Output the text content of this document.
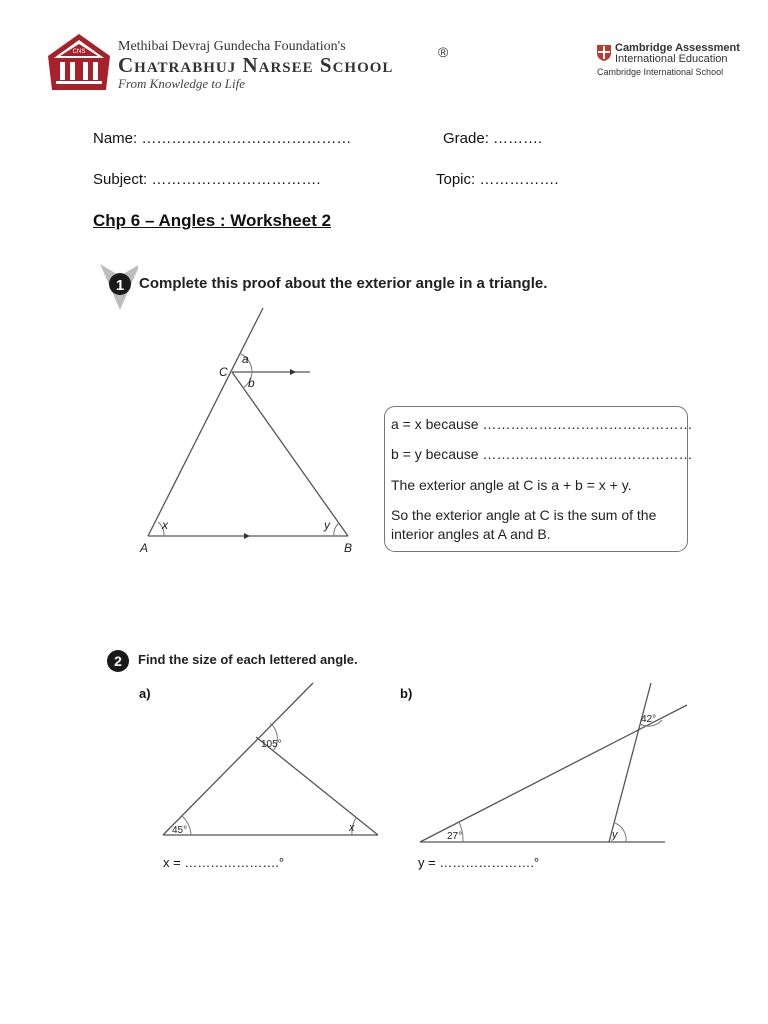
CNS Methibai Devraj Gundecha Foundation's
Chatrabhuj Narsee School
®
From Knowledge to Life
Cambridge Assessment
International Education
Cambridge International School
Name: ……………………………………	Grade: ……….
Subject: …………………………….	Topic: …………….
Chp 6 – Angles : Worksheet 2
1 Complete this proof about the exterior angle in a triangle.
a
b
C
x	y
A	B
a = x because ………………………………………
b = y because ………………………………………
The exterior angle at C is a + b = x + y.
So the exterior angle at C is the sum of the
interior angles at A and B.
2 Find the size of each lettered angle.
a)	b)
105°
45°	x
x = ………………….°
42°
27°	y
y = ………………….°
